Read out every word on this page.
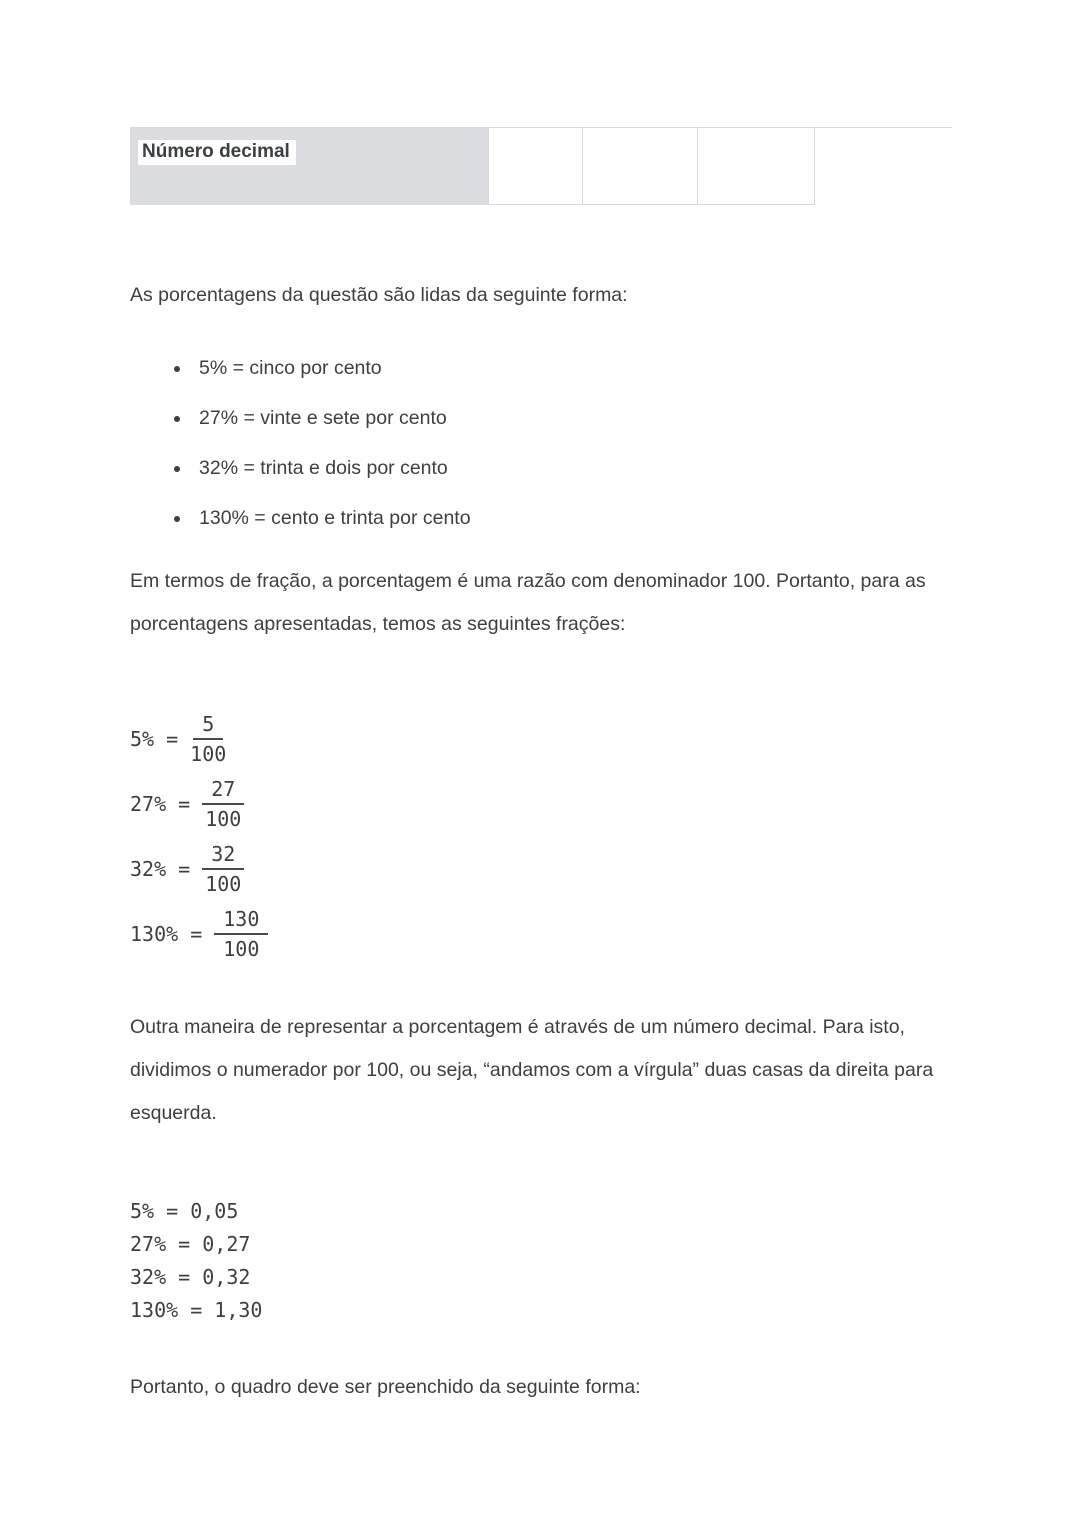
Número decimal

As porcentagens da questão são lidas da seguinte forma:

• 5% = cinco por cento
• 27% = vinte e sete por cento
• 32% = trinta e dois por cento
• 130% = cento e trinta por cento

Em termos de fração, a porcentagem é uma razão com denominador 100. Portanto, para as porcentagens apresentadas, temos as seguintes frações:

$5\% = \frac{5}{100}$
$27\% = \frac{27}{100}$
$32\% = \frac{32}{100}$
$130\% = \frac{130}{100}$

Outra maneira de representar a porcentagem é através de um número decimal. Para isto, dividimos o numerador por 100, ou seja, “andamos com a vírgula” duas casas da direita para esquerda.

5% = 0,05
27% = 0,27
32% = 0,32
130% = 1,30

Portanto, o quadro deve ser preenchido da seguinte forma:
